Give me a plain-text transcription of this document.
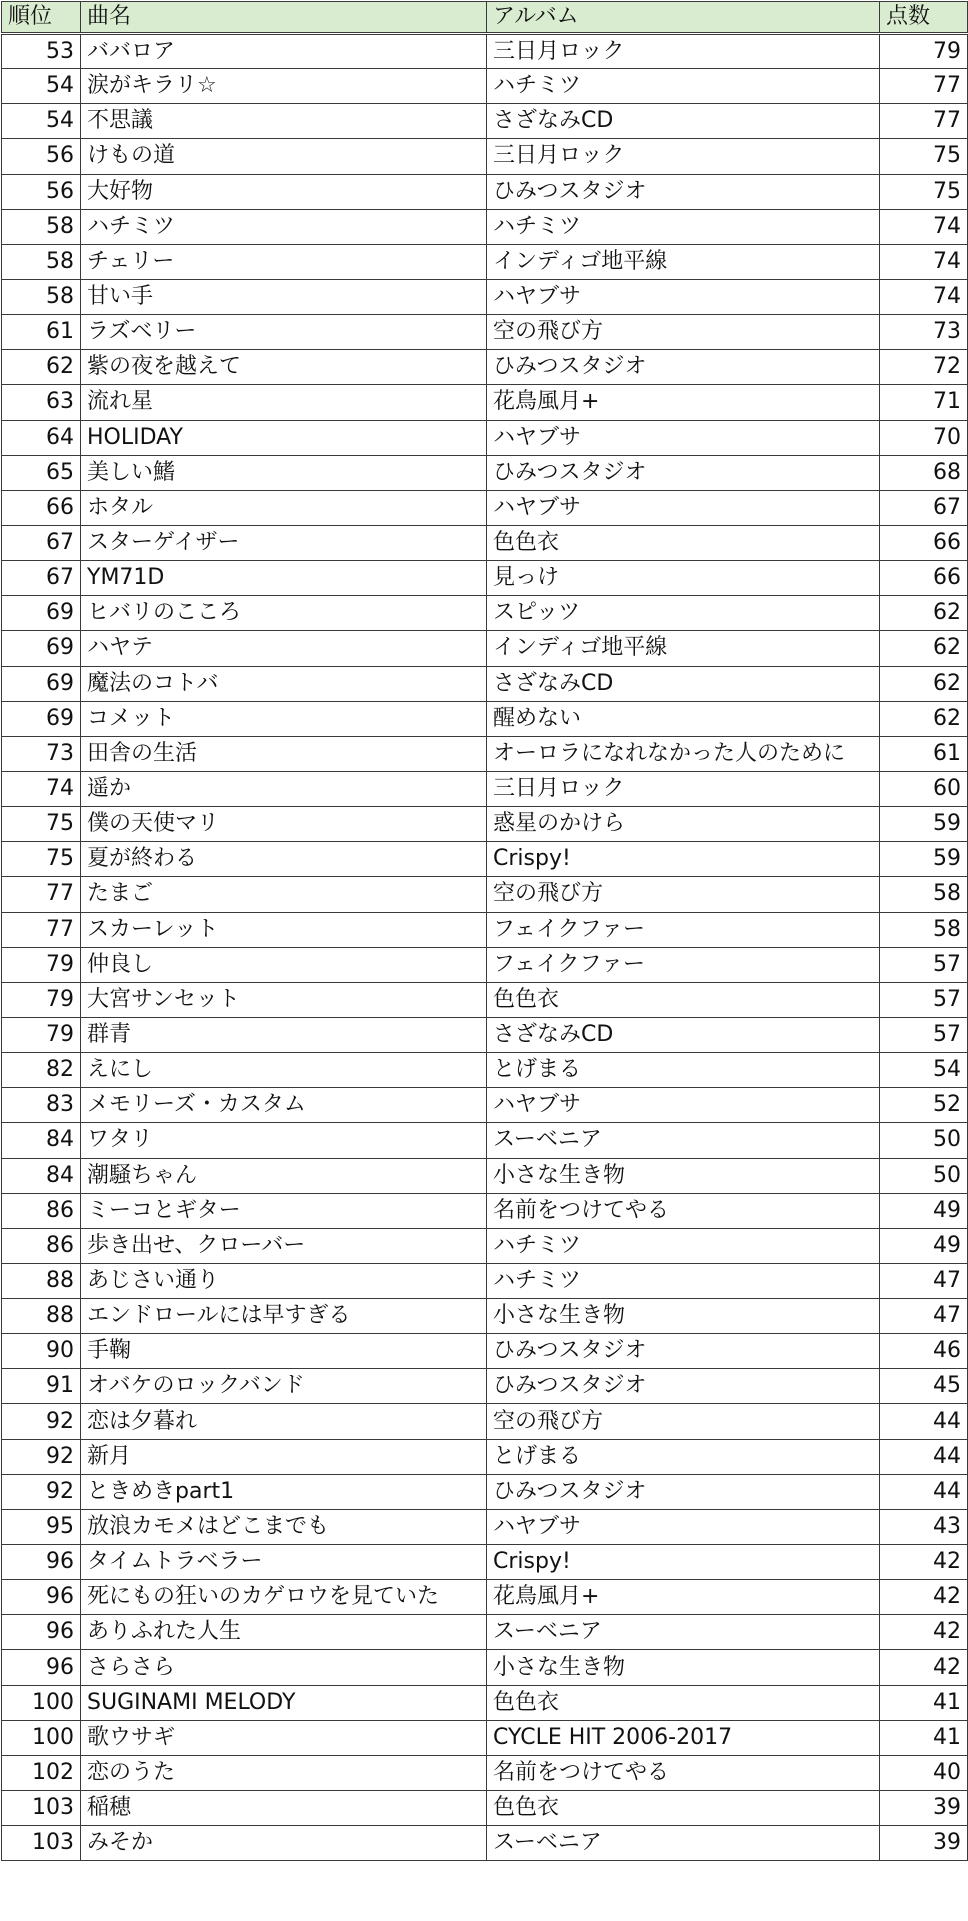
順位	曲名	アルバム	点数
53	ババロア	三日月ロック	79
54	涙がキラリ☆	ハチミツ	77
54	不思議	さざなみCD	77
56	けもの道	三日月ロック	75
56	大好物	ひみつスタジオ	75
58	ハチミツ	ハチミツ	74
58	チェリー	インディゴ地平線	74
58	甘い手	ハヤブサ	74
61	ラズベリー	空の飛び方	73
62	紫の夜を越えて	ひみつスタジオ	72
63	流れ星	花鳥風月+	71
64	HOLIDAY	ハヤブサ	70
65	美しい鰭	ひみつスタジオ	68
66	ホタル	ハヤブサ	67
67	スターゲイザー	色色衣	66
67	YM71D	見っけ	66
69	ヒバリのこころ	スピッツ	62
69	ハヤテ	インディゴ地平線	62
69	魔法のコトバ	さざなみCD	62
69	コメット	醒めない	62
73	田舎の生活	オーロラになれなかった人のために	61
74	遥か	三日月ロック	60
75	僕の天使マリ	惑星のかけら	59
75	夏が終わる	Crispy!	59
77	たまご	空の飛び方	58
77	スカーレット	フェイクファー	58
79	仲良し	フェイクファー	57
79	大宮サンセット	色色衣	57
79	群青	さざなみCD	57
82	えにし	とげまる	54
83	メモリーズ・カスタム	ハヤブサ	52
84	ワタリ	スーベニア	50
84	潮騒ちゃん	小さな生き物	50
86	ミーコとギター	名前をつけてやる	49
86	歩き出せ、クローバー	ハチミツ	49
88	あじさい通り	ハチミツ	47
88	エンドロールには早すぎる	小さな生き物	47
90	手鞠	ひみつスタジオ	46
91	オバケのロックバンド	ひみつスタジオ	45
92	恋は夕暮れ	空の飛び方	44
92	新月	とげまる	44
92	ときめきpart1	ひみつスタジオ	44
95	放浪カモメはどこまでも	ハヤブサ	43
96	タイムトラベラー	Crispy!	42
96	死にもの狂いのカゲロウを見ていた	花鳥風月+	42
96	ありふれた人生	スーベニア	42
96	さらさら	小さな生き物	42
100	SUGINAMI MELODY	色色衣	41
100	歌ウサギ	CYCLE HIT 2006-2017	41
102	恋のうた	名前をつけてやる	40
103	稲穂	色色衣	39
103	みそか	スーベニア	39
